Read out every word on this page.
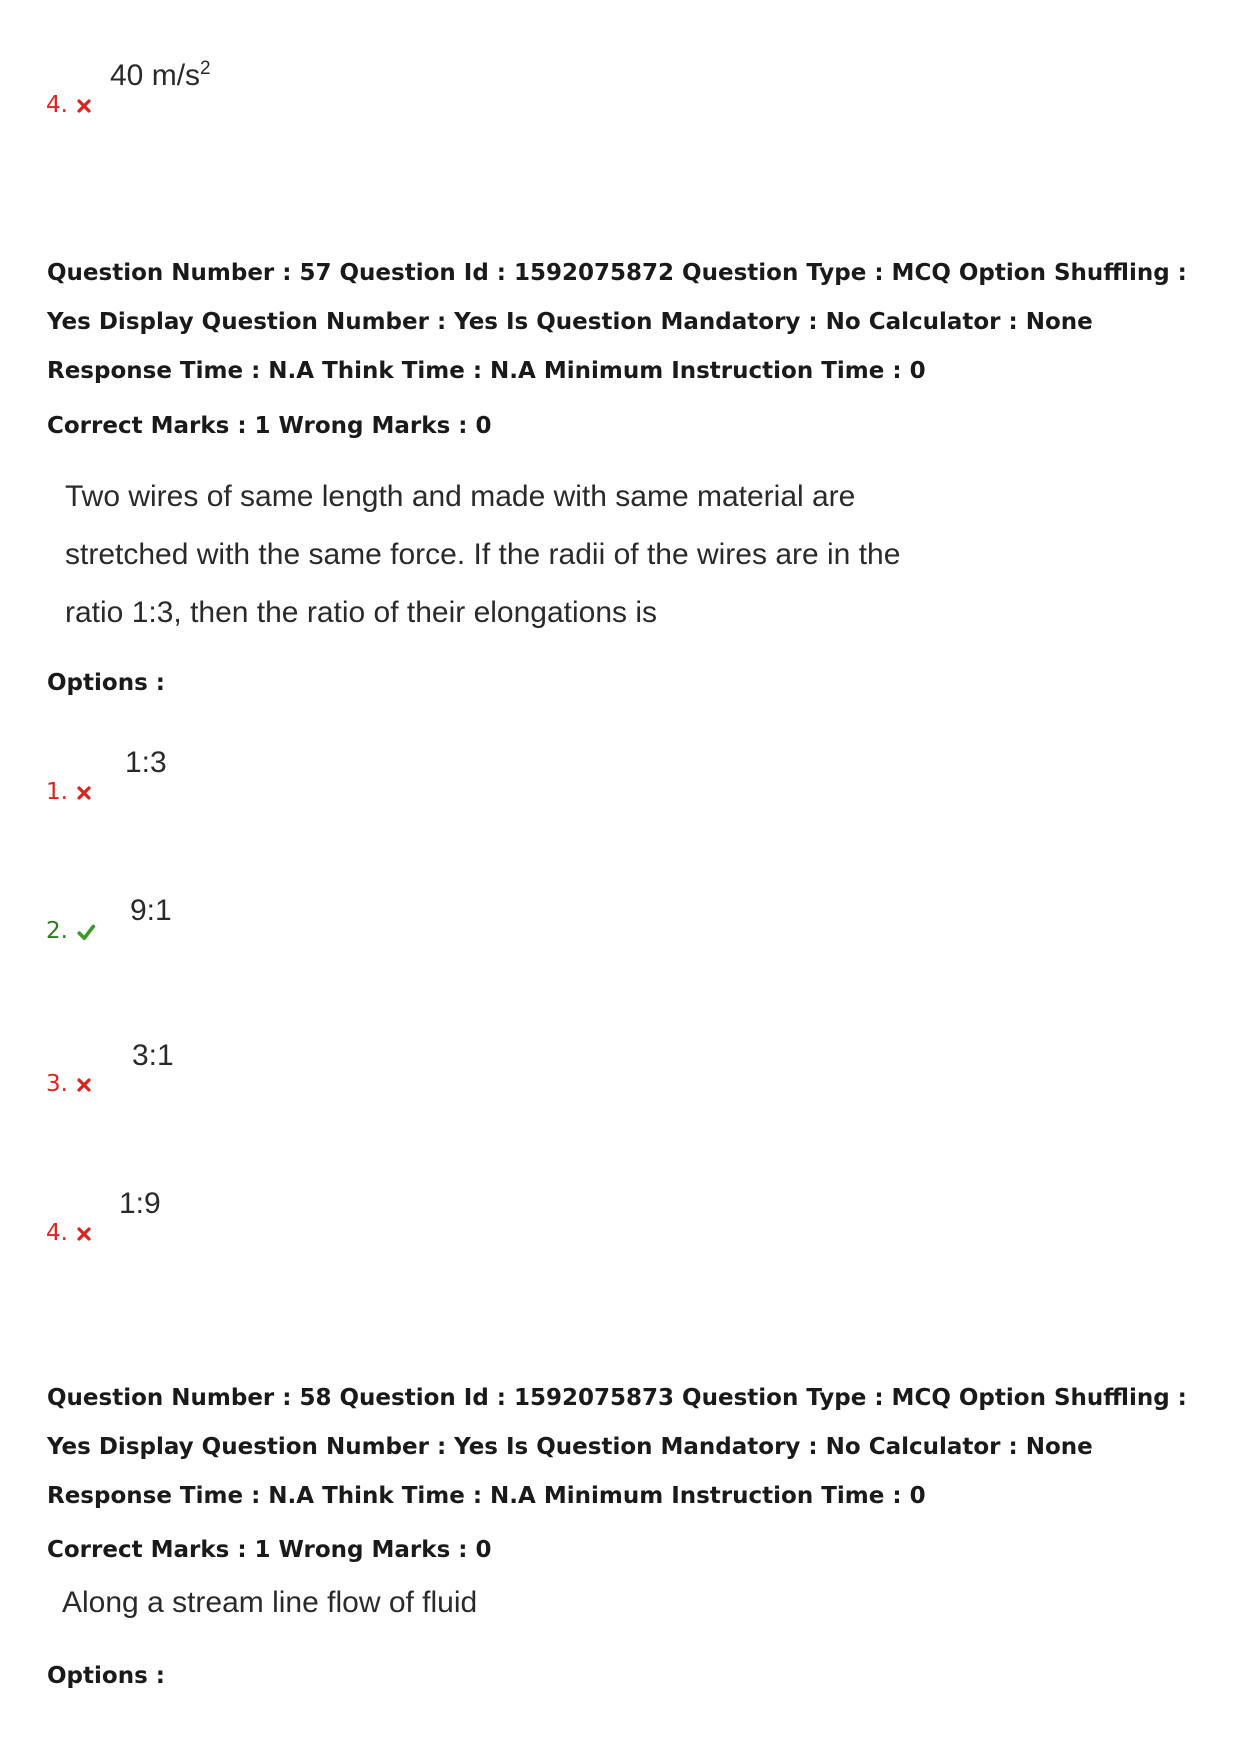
4.
40 $m/s^2$

Question Number : 57 Question Id : 1592075872 Question Type : MCQ Option Shuffling : Yes Display Question Number : Yes Is Question Mandatory : No Calculator : None Response Time : N.A Think Time : N.A Minimum Instruction Time : 0

Correct Marks : 1 Wrong Marks : 0

Two wires of same length and made with same material are stretched with the same force. If the radii of the wires are in the ratio 1:3, then the ratio of their elongations is

Options :
1.
1:3
2.
9:1
3.
3:1
4.
1:9

Question Number : 58 Question Id : 1592075873 Question Type : MCQ Option Shuffling : Yes Display Question Number : Yes Is Question Mandatory : No Calculator : None Response Time : N.A Think Time : N.A Minimum Instruction Time : 0

Correct Marks : 1 Wrong Marks : 0
Along a stream line flow of fluid
Options :
